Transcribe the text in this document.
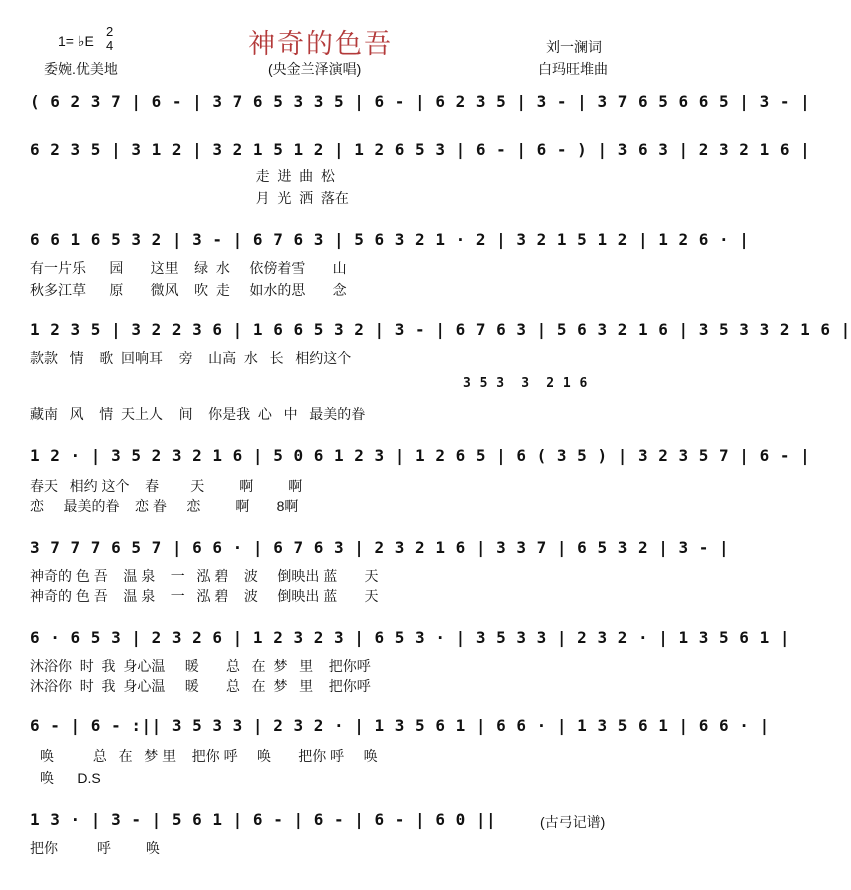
神奇的色吾
1= ♭E
2
4	刘一澜词
委婉.优美地	(央金兰泽演唱)	白玛旺堆曲
( 6 2 3 7 | 6 - | 3 7 6 5 3 3 5 | 6 - | 6 2 3 5 | 3 - | 3 7 6 5 6 6 5 | 3 - |
6 2 3 5 | 3 1 2 | 3 2 1 5 1 2 | 1 2 6 5 3 | 6 - | 6 - ) | 3 6 3 | 2 3 2 1 6 |
走  进  曲  松
月  光  洒  落在
6 6 1 6 5 3 2 | 3 - | 6 7 6 3 | 5 6 3 2 1 · 2 | 3 2 1 5 1 2 | 1 2 6 · |
有一片乐      园       这里    绿  水     依傍着雪       山
秋多江草      原       微风    吹  走     如水的思       念
1 2 3 5 | 3 2 2 3 6 | 1 6 6 5 3 2 | 3 - | 6 7 6 3 | 5 6 3 2 1 6 | 3 5 3 3 2 1 6 |
款款   情    歌  回响耳    旁    山高  水   长   相约这个
3 5 3  3  2 1 6
藏南   风    情  天上人    间    你是我  心   中   最美的眷
1 2 · | 3 5 2 3 2 1 6 | 5 0 6 1 2 3 | 1 2 6 5 | 6 ( 3 5 ) | 3 2 3 5 7 | 6 - |
春天   相约 这个    春        天         啊         啊
恋     最美的眷    恋 眷     恋         啊       8啊
3 7 7 7 6 5 7 | 6 6 · | 6 7 6 3 | 2 3 2 1 6 | 3 3 7 | 6 5 3 2 | 3 - |
神奇的 色 吾    温 泉    一   泓 碧    波     倒映出 蓝       天
神奇的 色 吾    温 泉    一   泓 碧    波     倒映出 蓝       天
6 · 6 5 3 | 2 3 2 6 | 1 2 3 2 3 | 6 5 3 · | 3 5 3 3 | 2 3 2 · | 1 3 5 6 1 |
沐浴你  时  我  身心温     暖       总   在  梦   里    把你呼
沐浴你  时  我  身心温     暖       总   在  梦   里    把你呼
6 - | 6 - :|| 3 5 3 3 | 2 3 2 · | 1 3 5 6 1 | 6 6 · | 1 3 5 6 1 | 6 6 · |
唤          总   在   梦 里    把你 呼     唤       把你 呼     唤
唤      D.S
1 3 · | 3 - | 5 6 1 | 6 - | 6 - | 6 - | 6 0 ||
把你          呼         唤
(古弓记谱)
